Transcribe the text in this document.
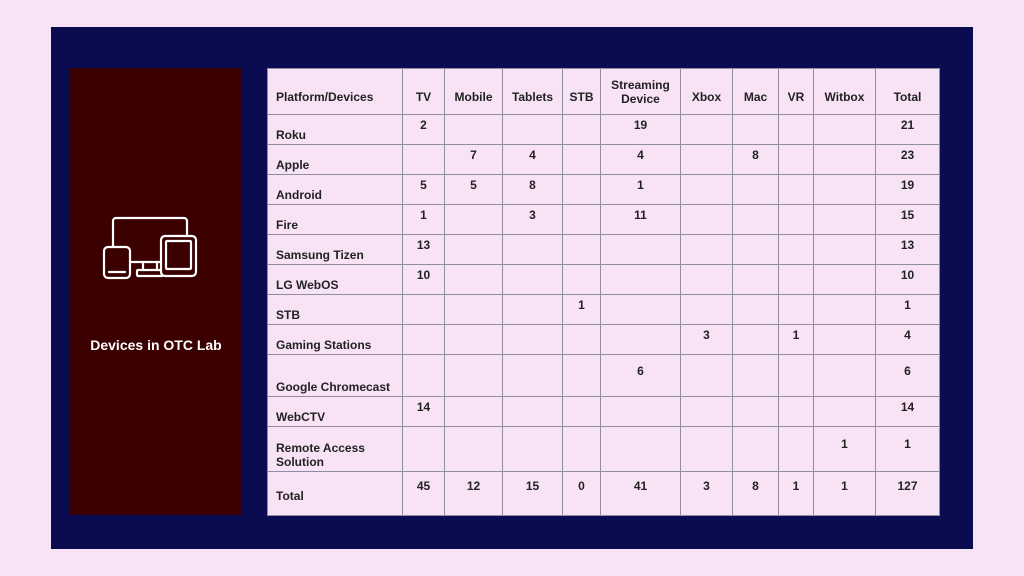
Devices in OTC Lab
Platform/Devices	TV	Mobile	Tablets	STB	Streaming Device	Xbox	Mac	VR	Witbox	Total
Roku	2				19					21
Apple		7	4		4		8			23
Android	5	5	8		1					19
Fire	1		3		11					15
Samsung Tizen	13									13
LG WebOS	10									10
STB				1						1
Gaming Stations						3		1		4
Google Chromecast					6					6
WebCTV	14									14
Remote Access Solution									1	1
Total	45	12	15	0	41	3	8	1	1	127
